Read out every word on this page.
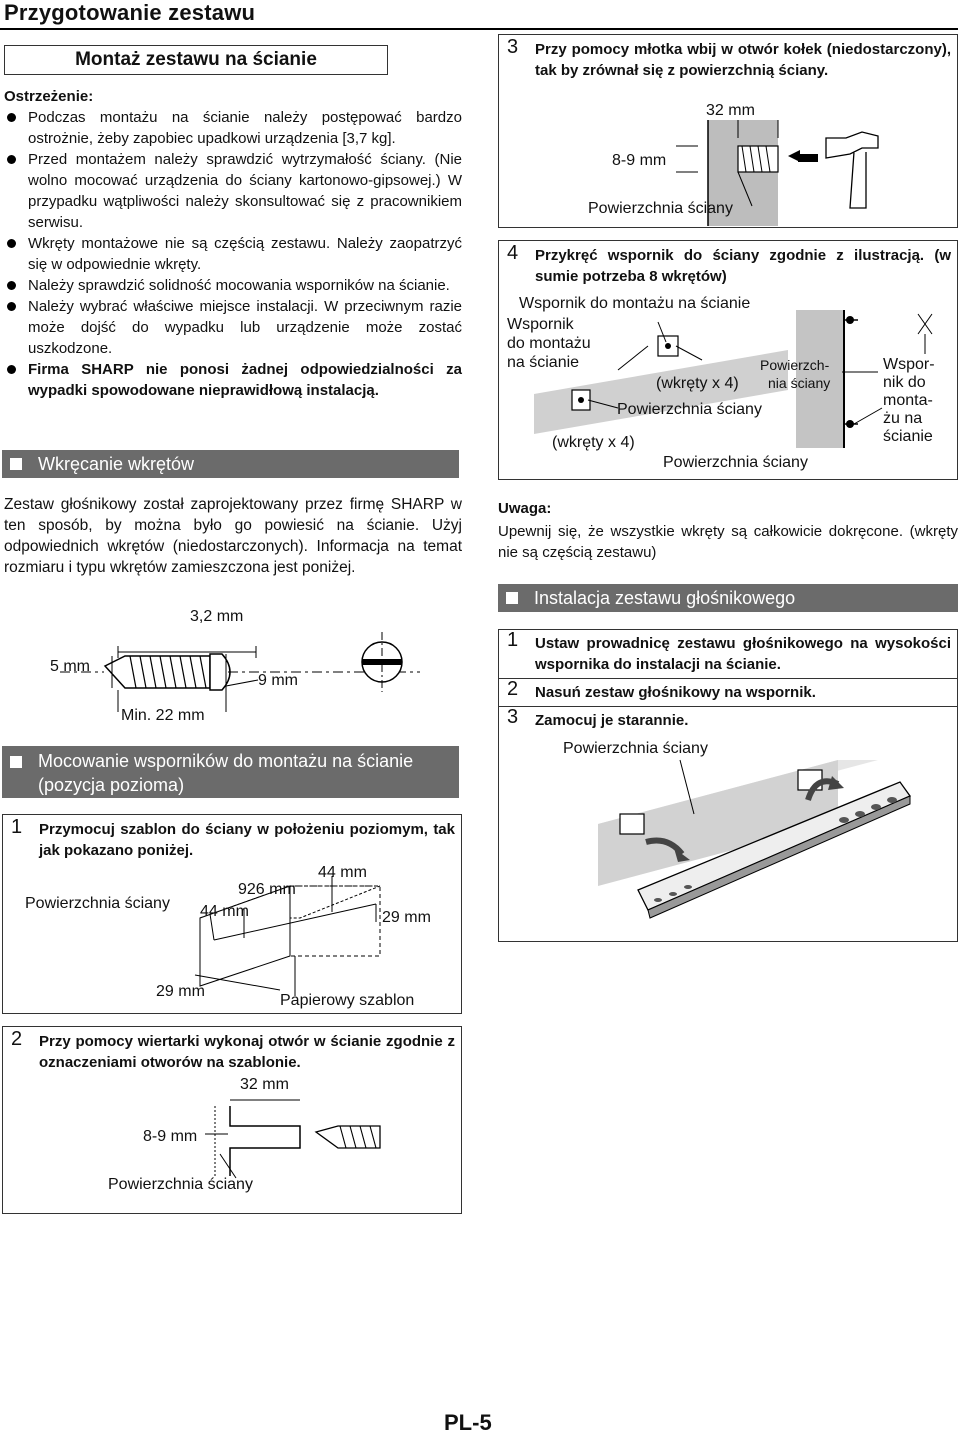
Przygotowanie zestawu
Montaż zestawu na ścianie
Ostrzeżenie:
Podczas montażu na ścianie należy postępować bardzo ostrożnie, żeby zapobiec upadkowi urządzenia [3,7 kg].
Przed montażem należy sprawdzić wytrzymałość ściany. (Nie wolno mocować urządzenia do ściany kartonowo-gipsowej.) W przypadku wątpliwości należy skonsultować się z pracownikiem serwisu.
Wkręty montażowe nie są częścią zestawu. Należy zaopatrzyć się w odpowiednie wkręty.
Należy sprawdzić solidność mocowania wsporników na ścianie.
Należy wybrać właściwe miejsce instalacji. W przeciwnym razie może dojść do wypadku lub urządzenie może zostać uszkodzone.
Firma SHARP nie ponosi żadnej odpowiedzialności za wypadki spowodowane nieprawidłową instalacją.
Wkręcanie wkrętów
Zestaw głośnikowy został zaprojektowany przez firmę SHARP w ten sposób, by można było go powiesić na ścianie. Użyj odpowiednich wkrętów (niedostarczonych). Informacja na temat rozmiaru i typu wkrętów zamieszczona jest poniżej.
3,2 mm
5 mm
9 mm
Min. 22 mm
Mocowanie wsporników do montażu na ścianie (pozycja pozioma)
1 Przymocuj szablon do ściany w położeniu poziomym, tak jak pokazano poniżej.
44 mm
926 mm
Powierzchnia ściany 44 mm	29 mm
29 mm
Papierowy szablon
2 Przy pomocy wiertarki wykonaj otwór w ścianie zgodnie z oznaczeniami otworów na szablonie.
32 mm
8-9 mm
Powierzchnia ściany
3 Przy pomocy młotka wbij w otwór kołek (niedostarczony), tak by zrównał się z powierzchnią ściany.
32 mm
8-9 mm
Powierzchnia ściany
4 Przykręć wspornik do ściany zgodnie z ilustracją. (w sumie potrzeba 8 wkrętów)
Wspornik do montażu na ścianie
Wspornik
do montażu
na ścianie	Powierzch-
nia ściany
Wspor-
nik do
monta-
żu na
ścianie
(wkręty x 4)
Powierzchnia ściany
(wkręty x 4)
Powierzchnia ściany
Uwaga:
Upewnij się, że wszystkie wkręty są całkowicie dokręcone. (wkręty nie są częścią zestawu)
Instalacja zestawu głośnikowego
1 Ustaw prowadnicę zestawu głośnikowego na wysokości wspornika do instalacji na ścianie.
2 Nasuń zestaw głośnikowy na wspornik.
3 Zamocuj je starannie.
Powierzchnia ściany
PL-5
